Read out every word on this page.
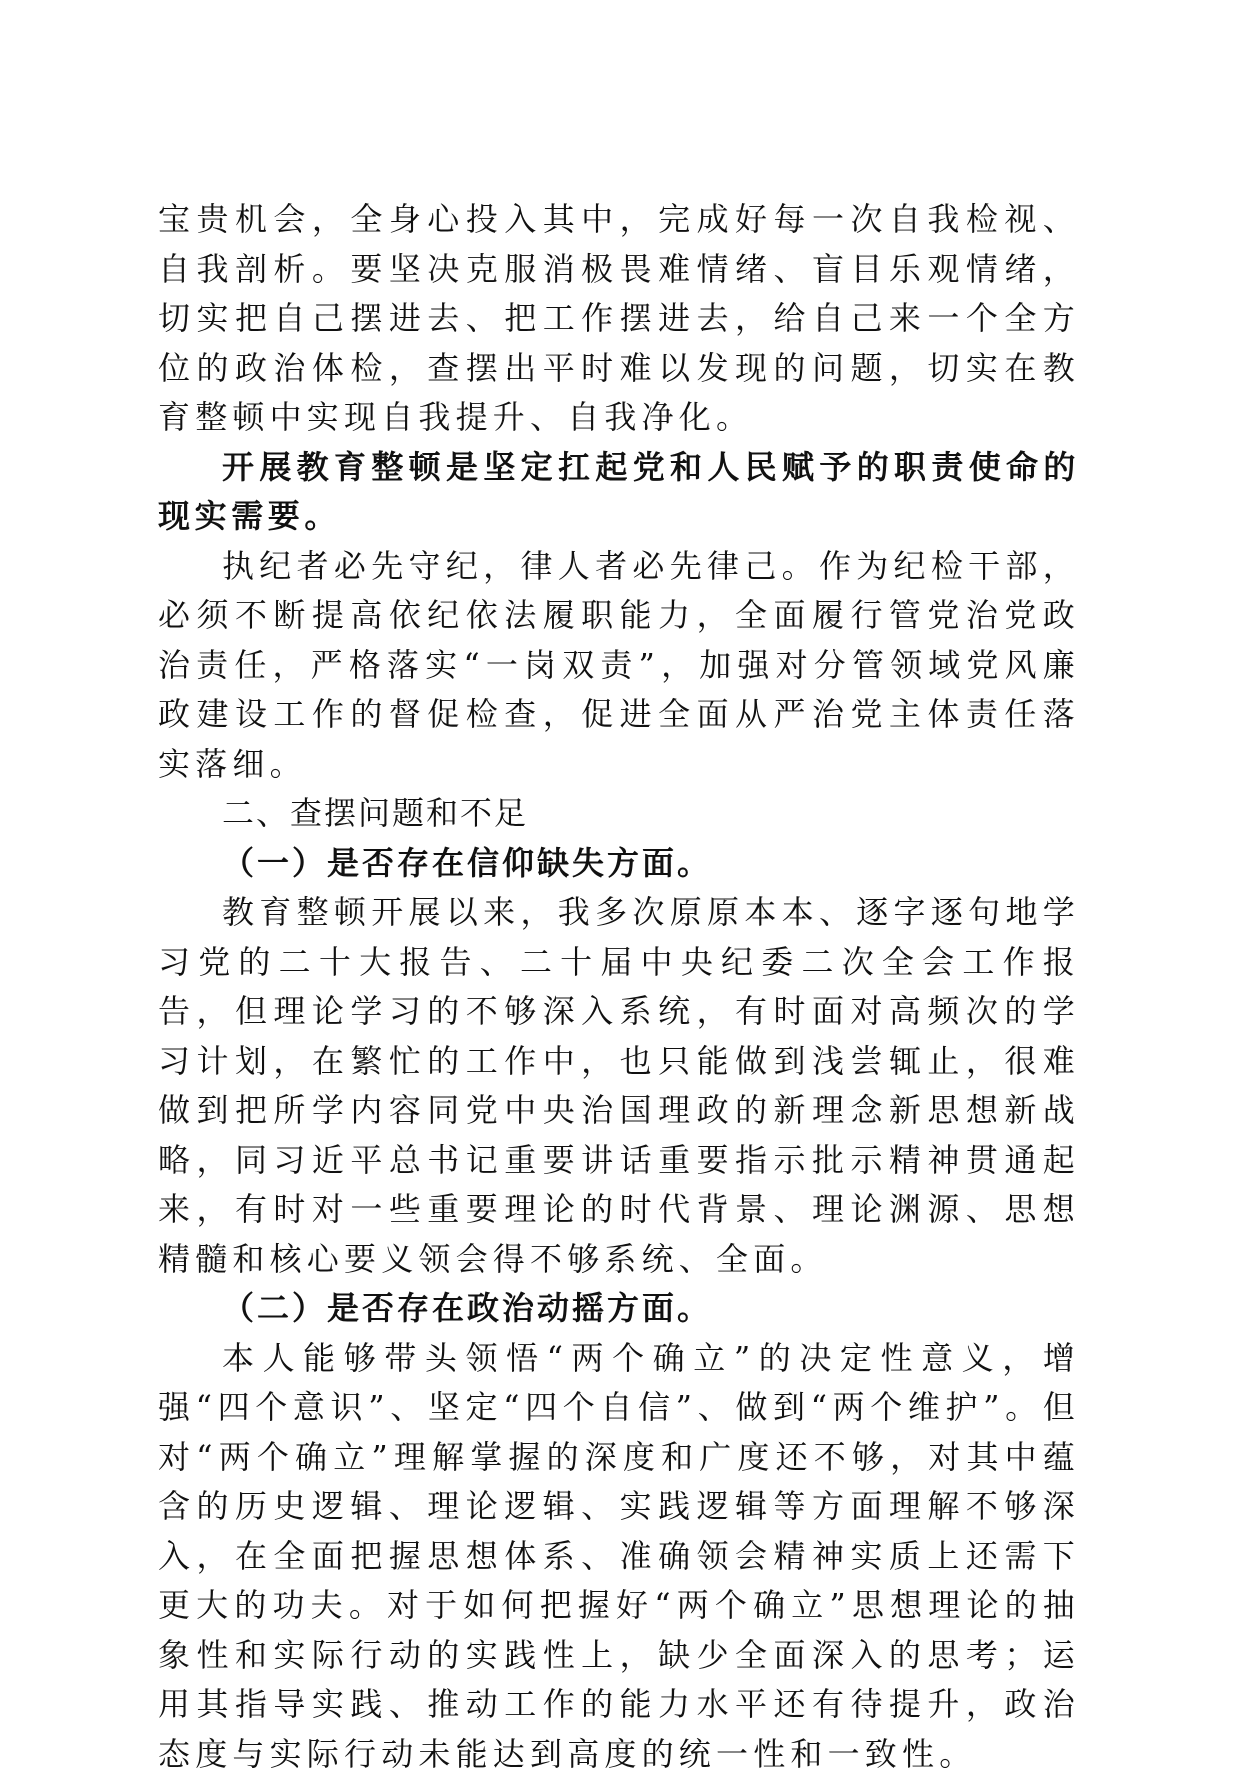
宝贵机会，全身心投入其中，完成好每一次自我检视、自我剖析。要坚决克服消极畏难情绪、盲目乐观情绪，切实把自己摆进去、把工作摆进去，给自己来一个全方位的政治体检，查摆出平时难以发现的问题，切实在教育整顿中实现自我提升、自我净化。

开展教育整顿是坚定扛起党和人民赋予的职责使命的现实需要。

执纪者必先守纪，律人者必先律己。作为纪检干部，必须不断提高依纪依法履职能力，全面履行管党治党政治责任，严格落实“一岗双责”，加强对分管领域党风廉政建设工作的督促检查，促进全面从严治党主体责任落实落细。

二、查摆问题和不足

（一）是否存在信仰缺失方面。

教育整顿开展以来，我多次原原本本、逐字逐句地学习党的二十大报告、二十届中央纪委二次全会工作报告，但理论学习的不够深入系统，有时面对高频次的学习计划，在繁忙的工作中，也只能做到浅尝辄止，很难做到把所学内容同党中央治国理政的新理念新思想新战略，同习近平总书记重要讲话重要指示批示精神贯通起来，有时对一些重要理论的时代背景、理论渊源、思想精髓和核心要义领会得不够系统、全面。

（二）是否存在政治动摇方面。

本人能够带头领悟“两个确立”的决定性意义，增强“四个意识”、坚定“四个自信”、做到“两个维护”。但对“两个确立”理解掌握的深度和广度还不够，对其中蕴含的历史逻辑、理论逻辑、实践逻辑等方面理解不够深入，在全面把握思想体系、准确领会精神实质上还需下更大的功夫。对于如何把握好“两个确立”思想理论的抽象性和实际行动的实践性上，缺少全面深入的思考；运用其指导实践、推动工作的能力水平还有待提升，政治态度与实际行动未能达到高度的统一性和一致性。
